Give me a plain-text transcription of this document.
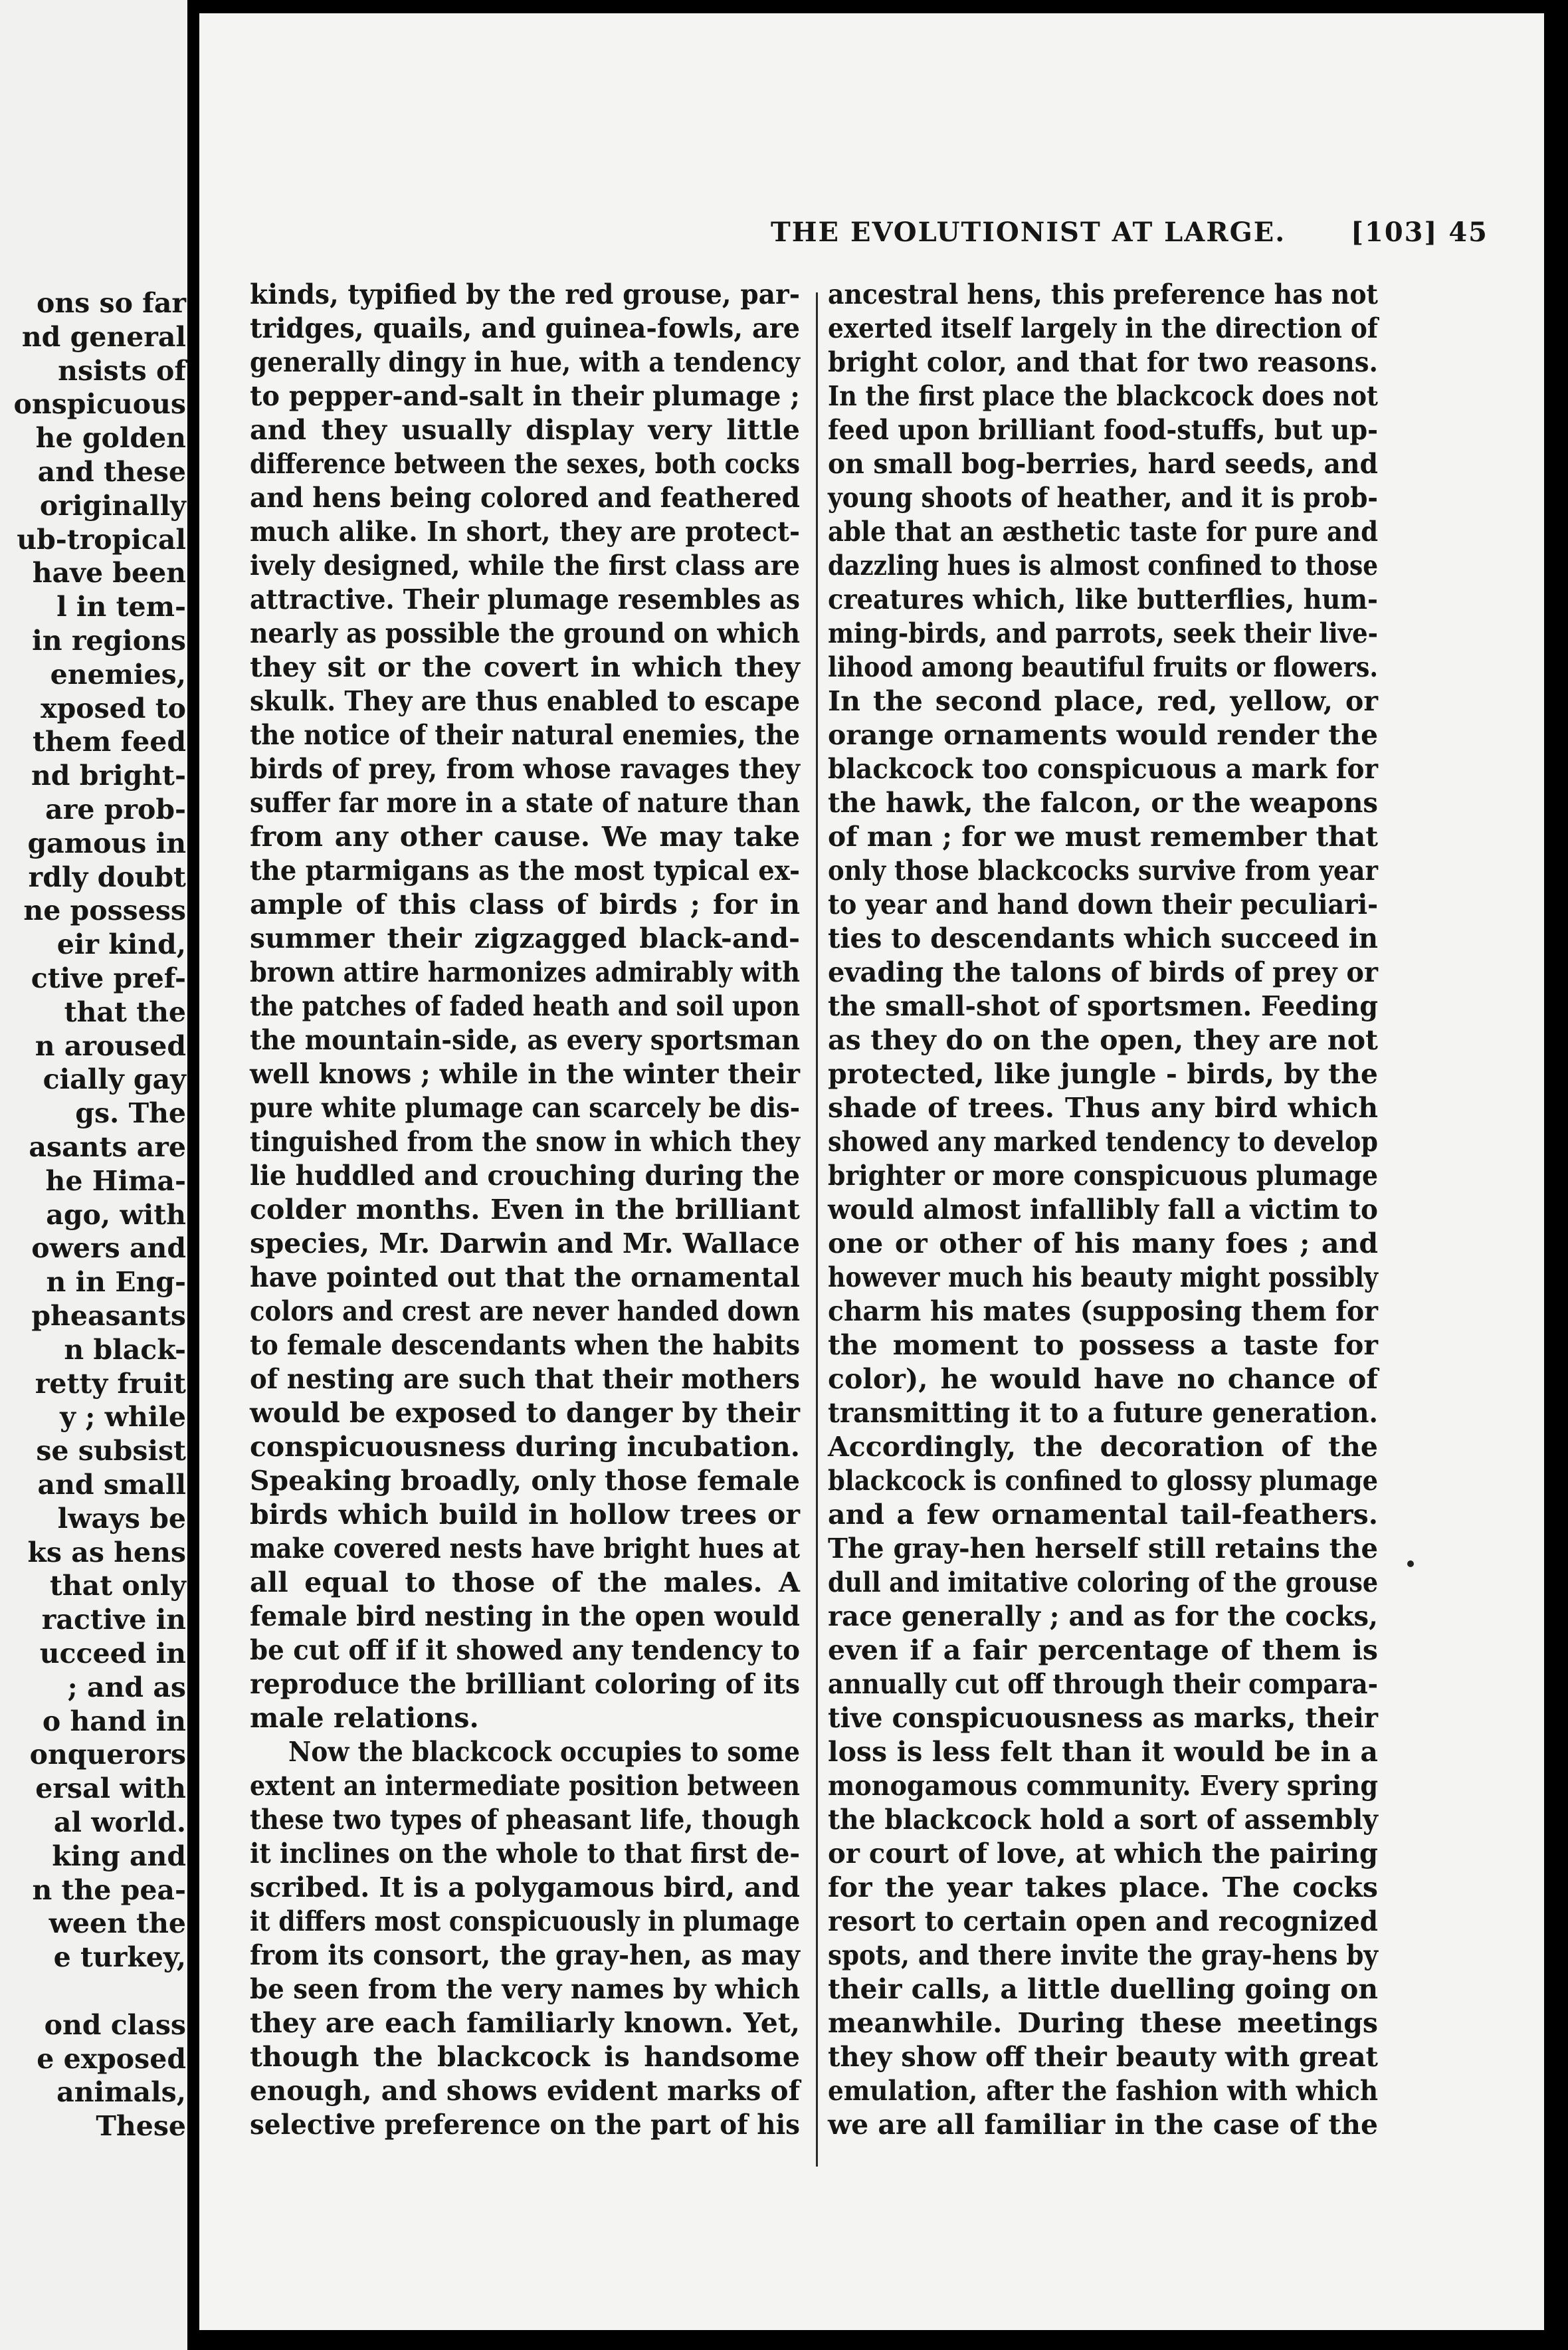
ons so far
nd general
nsists of
onspicuous
he golden
and these
originally
ub-tropical
have been
l in tem-
in regions
enemies,
xposed to
them feed
nd bright-
are prob-
gamous in
rdly doubt
ne possess
eir kind,
ctive pref-
that the
n aroused
cially gay
gs. The
asants are
he Hima-
ago, with
owers and
n in Eng-
pheasants
n black-
retty fruit
y ; while
se subsist
and small
lways be
ks as hens
that only
ractive in
ucceed in
; and as
o hand in
onquerors
ersal with
al world.
king and
n the pea-
ween the
e turkey,
ond class
e exposed
animals,
These
THE EVOLUTIONIST AT LARGE. [103] 45
kinds, typified by the red grouse, par-
tridges, quails, and guinea-fowls, are
generally dingy in hue, with a tendency
to pepper-and-salt in their plumage ;
and they usually display very little
difference between the sexes, both cocks
and hens being colored and feathered
much alike. In short, they are protect-
ively designed, while the first class are
attractive. Their plumage resembles as
nearly as possible the ground on which
they sit or the covert in which they
skulk. They are thus enabled to escape
the notice of their natural enemies, the
birds of prey, from whose ravages they
suffer far more in a state of nature than
from any other cause. We may take
the ptarmigans as the most typical ex-
ample of this class of birds ; for in
summer their zigzagged black-and-
brown attire harmonizes admirably with
the patches of faded heath and soil upon
the mountain-side, as every sportsman
well knows ; while in the winter their
pure white plumage can scarcely be dis-
tinguished from the snow in which they
lie huddled and crouching during the
colder months. Even in the brilliant
species, Mr. Darwin and Mr. Wallace
have pointed out that the ornamental
colors and crest are never handed down
to female descendants when the habits
of nesting are such that their mothers
would be exposed to danger by their
conspicuousness during incubation.
Speaking broadly, only those female
birds which build in hollow trees or
make covered nests have bright hues at
all equal to those of the males. A
female bird nesting in the open would
be cut off if it showed any tendency to
reproduce the brilliant coloring of its
male relations.
Now the blackcock occupies to some
extent an intermediate position between
these two types of pheasant life, though
it inclines on the whole to that first de-
scribed. It is a polygamous bird, and
it differs most conspicuously in plumage
from its consort, the gray-hen, as may
be seen from the very names by which
they are each familiarly known. Yet,
though the blackcock is handsome
enough, and shows evident marks of
selective preference on the part of his
ancestral hens, this preference has not
exerted itself largely in the direction of
bright color, and that for two reasons.
In the first place the blackcock does not
feed upon brilliant food-stuffs, but up-
on small bog-berries, hard seeds, and
young shoots of heather, and it is prob-
able that an æsthetic taste for pure and
dazzling hues is almost confined to those
creatures which, like butterflies, hum-
ming-birds, and parrots, seek their live-
lihood among beautiful fruits or flowers.
In the second place, red, yellow, or
orange ornaments would render the
blackcock too conspicuous a mark for
the hawk, the falcon, or the weapons
of man ; for we must remember that
only those blackcocks survive from year
to year and hand down their peculiari-
ties to descendants which succeed in
evading the talons of birds of prey or
the small-shot of sportsmen. Feeding
as they do on the open, they are not
protected, like jungle - birds, by the
shade of trees. Thus any bird which
showed any marked tendency to develop
brighter or more conspicuous plumage
would almost infallibly fall a victim to
one or other of his many foes ; and
however much his beauty might possibly
charm his mates (supposing them for
the moment to possess a taste for
color), he would have no chance of
transmitting it to a future generation.
Accordingly, the decoration of the
blackcock is confined to glossy plumage
and a few ornamental tail-feathers.
The gray-hen herself still retains the
dull and imitative coloring of the grouse
race generally ; and as for the cocks,
even if a fair percentage of them is
annually cut off through their compara-
tive conspicuousness as marks, their
loss is less felt than it would be in a
monogamous community. Every spring
the blackcock hold a sort of assembly
or court of love, at which the pairing
for the year takes place. The cocks
resort to certain open and recognized
spots, and there invite the gray-hens by
their calls, a little duelling going on
meanwhile. During these meetings
they show off their beauty with great
emulation, after the fashion with which
we are all familiar in the case of the
